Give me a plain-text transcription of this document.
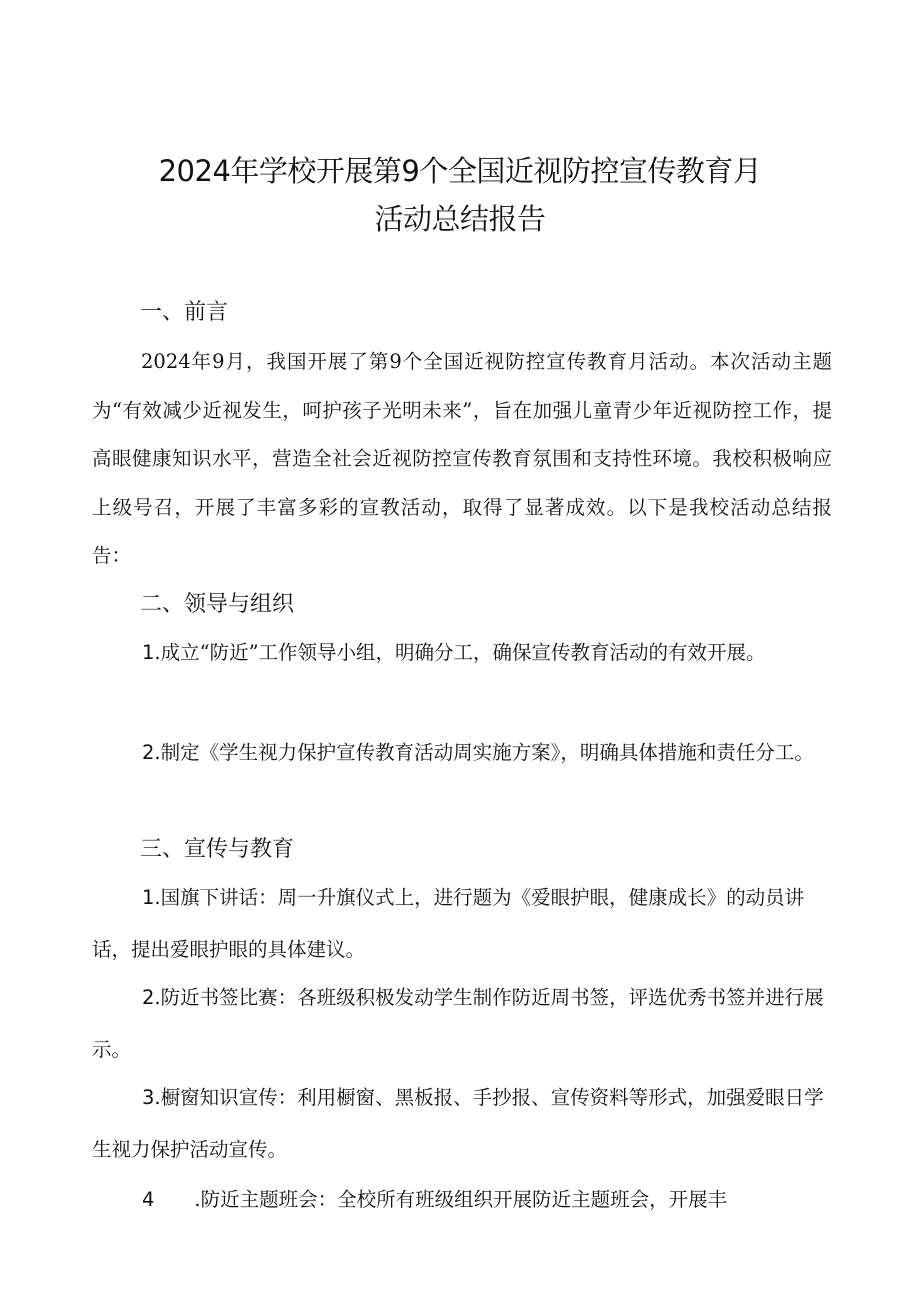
2024年学校开展第9个全国近视防控宣传教育月
活动总结报告
一、前言
2024年9月，我国开展了第9个全国近视防控宣传教育月活动。本次活动主题为“有效减少近视发生，呵护孩子光明未来”，旨在加强儿童青少年近视防控工作，提高眼健康知识水平，营造全社会近视防控宣传教育氛围和支持性环境。我校积极响应上级号召，开展了丰富多彩的宣教活动，取得了显著成效。以下是我校活动总结报告：
二、领导与组织
1.成立“防近”工作领导小组，明确分工，确保宣传教育活动的有效开展。
2.制定《学生视力保护宣传教育活动周实施方案》，明确具体措施和责任分工。
三、宣传与教育
1.国旗下讲话：周一升旗仪式上，进行题为《爱眼护眼，健康成长》的动员讲话，提出爱眼护眼的具体建议。
2.防近书签比赛：各班级积极发动学生制作防近周书签，评选优秀书签并进行展示。
3.橱窗知识宣传：利用橱窗、黑板报、手抄报、宣传资料等形式，加强爱眼日学生视力保护活动宣传。
4 .防近主题班会：全校所有班级组织开展防近主题班会，开展丰
